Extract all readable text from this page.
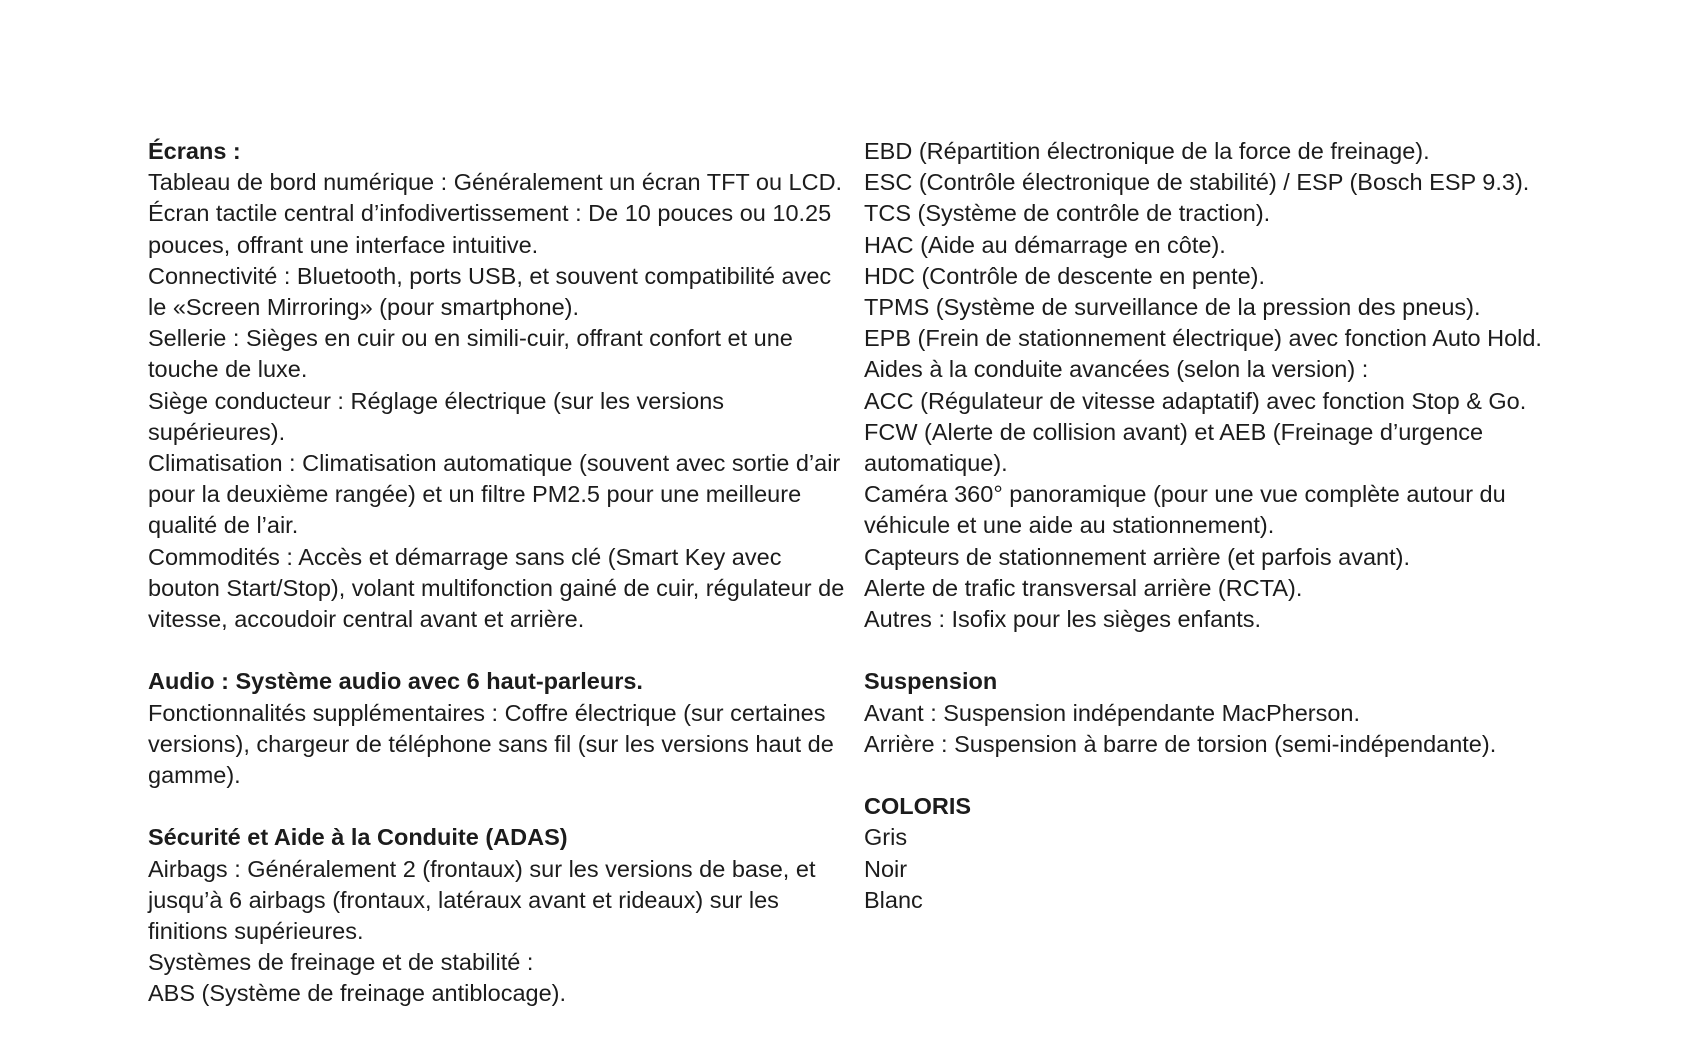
Écrans :

Tableau de bord numérique : Généralement un écran TFT ou LCD.

Écran tactile central d’infodivertissement : De 10 pouces ou 10.25 pouces, offrant une interface intuitive.

Connectivité : Bluetooth, ports USB, et souvent compatibilité avec le «Screen Mirroring» (pour smartphone).

Sellerie : Sièges en cuir ou en simili-cuir, offrant confort et une touche de luxe.

Siège conducteur : Réglage électrique (sur les versions supérieures).

Climatisation : Climatisation automatique (souvent avec sortie d’air pour la deuxième rangée) et un filtre PM2.5 pour une meilleure qualité de l’air.

Commodités : Accès et démarrage sans clé (Smart Key avec bouton Start/Stop), volant multifonction gainé de cuir, régulateur de vitesse, accoudoir central avant et arrière.

Audio : Système audio avec 6 haut-parleurs.

Fonctionnalités supplémentaires : Coffre électrique (sur certaines versions), chargeur de téléphone sans fil (sur les versions haut de gamme).

Sécurité et Aide à la Conduite (ADAS)

Airbags : Généralement 2 (frontaux) sur les versions de base, et jusqu’à 6 airbags (frontaux, latéraux avant et rideaux) sur les finitions supérieures.

Systèmes de freinage et de stabilité :

ABS (Système de freinage antiblocage).

EBD (Répartition électronique de la force de freinage).

ESC (Contrôle électronique de stabilité) / ESP (Bosch ESP 9.3).

TCS (Système de contrôle de traction).

HAC (Aide au démarrage en côte).

HDC (Contrôle de descente en pente).

TPMS (Système de surveillance de la pression des pneus).

EPB (Frein de stationnement électrique) avec fonction Auto Hold.

Aides à la conduite avancées (selon la version) :

ACC (Régulateur de vitesse adaptatif) avec fonction Stop & Go.

FCW (Alerte de collision avant) et AEB (Freinage d’urgence automatique).

Caméra 360° panoramique (pour une vue complète autour du véhicule et une aide au stationnement).

Capteurs de stationnement arrière (et parfois avant).

Alerte de trafic transversal arrière (RCTA).

Autres : Isofix pour les sièges enfants.

Suspension

Avant : Suspension indépendante MacPherson.

Arrière : Suspension à barre de torsion (semi-indépendante).

COLORIS

Gris

Noir

Blanc
